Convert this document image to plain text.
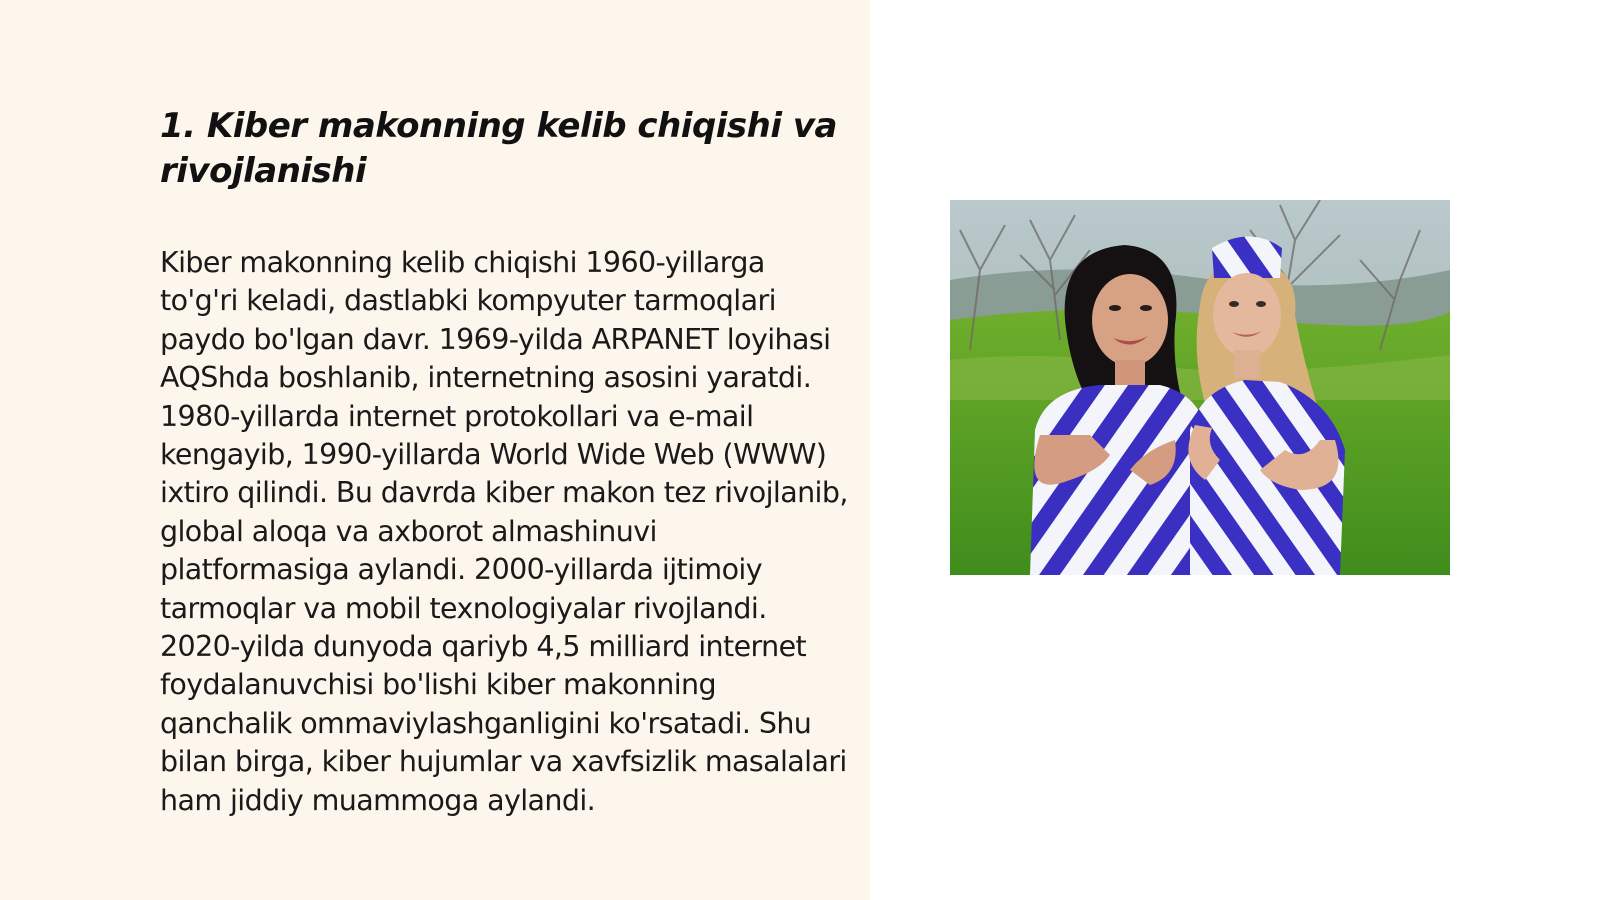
1. Kiber makonning kelib chiqishi va rivojlanishi

Kiber makonning kelib chiqishi 1960-yillarga to'g'ri keladi, dastlabki kompyuter tarmoqlari paydo bo'lgan davr. 1969-yilda ARPANET loyihasi AQShda boshlanib, internetning asosini yaratdi. 1980-yillarda internet protokollari va e-mail kengayib, 1990-yillarda World Wide Web (WWW) ixtiro qilindi. Bu davrda kiber makon tez rivojlanib, global aloqa va axborot almashinuvi platformasiga aylandi. 2000-yillarda ijtimoiy tarmoqlar va mobil texnologiyalar rivojlandi. 2020-yilda dunyoda qariyb 4,5 milliard internet foydalanuvchisi bo'lishi kiber makonning qanchalik ommaviylashganligini ko'rsatadi. Shu bilan birga, kiber hujumlar va xavfsizlik masalalari ham jiddiy muammoga aylandi.
